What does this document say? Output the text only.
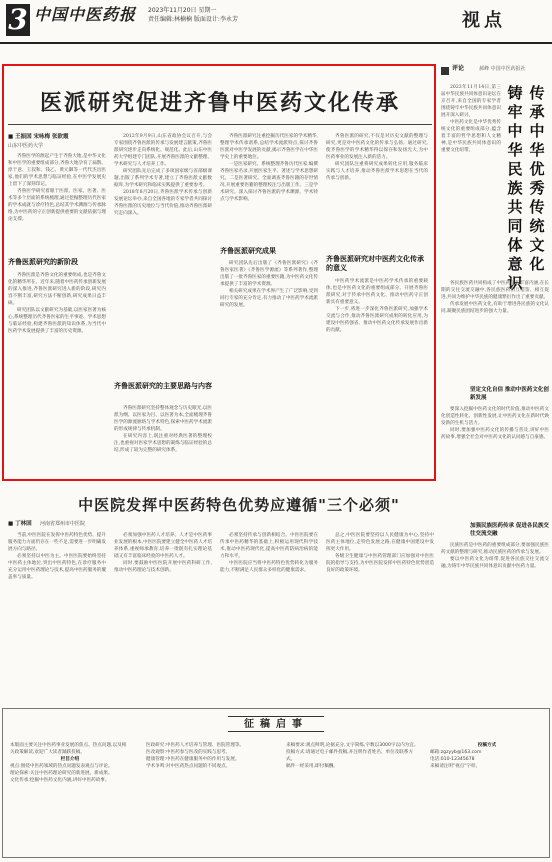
3 中国中医药报 2023年11月20日 星期一
责任编辑:林楠楠 版面设计:李永芳	视点
医派研究促进齐鲁中医药文化传承
■ 王振国 宋咏梅 张欧霞
山东中医药大学

齐鲁医学的源起产生于齐鲁大地,是中华文化和中医学的重要组成部分,齐鲁大地孕育了扁鹊、淳于意、王叔和、钱乙、黄元御等一代代杰出医家,他们的学术思想与临证经验,在中医学发展史上留下了深刻印记。

齐鲁医学研究着眼于医派、医家、医著、医术等多个层面的系统梳理,通过挖掘整理历代医家的学术成就与诊疗特色,总结其学术渊源与传承脉络,为中医药的守正创新提供重要的文献依据与理论支撑。

齐鲁医派研究的新阶段

齐鲁医派是齐鲁文化的重要组成,也是齐鲁文化的精华所在。近年来,随着中医药传承创新发展的深入推进,齐鲁医派研究进入新的阶段,研究内容不断丰富,研究方法不断创新,研究成果日益丰硕。

研究团队以文献研究为基础,以医家医著为核心,系统整理历代齐鲁医家的生平事迹、学术思想与临证经验,构建齐鲁医派的知识体系,为当代中医药学术发展提供了丰富的历史资源。

2012年9月9日,山东省政协会议召开,与会专家围绕齐鲁医派的传承与发展建言献策,齐鲁医派研究逐步走向系统化、规范化。此后,山东中医药大学组建专门团队,开展齐鲁医派的文献整理、学术研究与人才培养工作。

研究团队先后完成了多项国家级与省部级课题,出版了系列学术专著,建立了齐鲁医派文献数据库,为学术研究和临床实践提供了重要参考。

2018年8月20日,齐鲁医派学术传承与创新发展论坛举办,来自全国各地的专家学者共同探讨齐鲁医派的历史地位与当代价值,推动齐鲁医派研究走向深入。

齐鲁医派研究的主要思路与内容

齐鲁医派研究坚持整体观念与历史眼光,以医派为纲、以医家为目、以医著为本,全面梳理齐鲁医学的源流脉络与学术特色,探索中医药学术流派的形成规律与传承机制。

在研究内容上,既注重对经典医著的整理校注,也重视对医家学术思想的凝练与临证经验的总结,形成了较为完整的研究体系。

齐鲁医派研究注重挖掘历代医家的学术精华,整理学术传承谱系,总结学术流派特点,探讨齐鲁医派对中医学发展的贡献,揭示齐鲁医学在中华医学史上的重要地位。

一是医家研究。系统整理齐鲁历代医家,编撰齐鲁医家名录,开展医家生平、著述与学术思想研究。二是医著研究。全面调查齐鲁医籍的存世情况,开展重要医籍的整理校注与出版工作。三是学术研究。深入探讨齐鲁医派的学术渊源、学术特点与学术影响。

齐鲁医派研究成果

研究团队先后出版了《齐鲁医派研究》《齐鲁医家医著》《齐鲁医学源流》等系列著作,整理出版了一批齐鲁医家的重要医籍,为中医药文化传承提供了丰富的学术资源。

相关研究成果在学术界产生了广泛影响,受到同行专家的充分肯定,有力推动了中医药学术流派研究的发展。

齐鲁医派的研究,不仅是对历史文献的整理与研究,更是对中医药文化的传承与弘扬。通过研究,使齐鲁医学的学术精华得以保存和发扬光大,为中医药事业的发展注入新的活力。

研究团队注重将研究成果转化应用,服务临床实践与人才培养,推动齐鲁医派学术思想在当代的传承与创新。

齐鲁医派研究对中医药文化传承的意义

中医药学术流派是中医药学术传承的重要载体,也是中医药文化的重要组成部分。开展齐鲁医派研究,对于传承中医药文化、推动中医药守正创新具有重要意义。

下一步,将进一步深化齐鲁医派研究,加强学术交流与合作,推动齐鲁医派研究成果的转化应用,为建设中医药强省、推动中医药文化传承发展作出新的贡献。

评论	郝峰 中国中医药报社
传承中华优秀传统文化
铸牢中华民族共同体意识

2023年11月14日,第三届中华民族共同体意识论坛在京召开,来自全国的专家学者围绕铸牢中华民族共同体意识展开深入研讨。

中医药文化是中华优秀传统文化的重要组成部分,蕴含着丰富的哲学思想和人文精神,是中华民族共同体意识的重要文化纽带。

各民族医药共同构成了中医药学的丰富内涵,在长期的交往交流交融中,各民族医药相互借鉴、相互促进,共同为维护中华民族的健康繁衍作出了重要贡献。

传承发展中医药文化,有助于增进各民族的文化认同,凝聚民族团结进步的强大力量。

坚定文化自信 推动中医药文化创新发展

要深入挖掘中医药文化的时代价值,推动中医药文化创造性转化、创新性发展,让中医药文化在新时代焕发新的生机与活力。

同时,要加强中医药文化的传播与普及,讲好中医药故事,增强全社会对中医药文化的认同感与自豪感。

加强民族医药传承 促进各民族交往交流交融

民族医药是中医药的重要组成部分,要加强民族医药文献的整理与研究,推动民族医药的传承与发展。

要以中医药文化为纽带,促进各民族交往交流交融,为铸牢中华民族共同体意识贡献中医药力量。

中医院发挥中医药特色优势应遵循"三个必须"
■ 丁林国 河南省郑州市中医院

当前,中医医院在发挥中医药特色优势、提升服务能力方面仍存在一些不足,需要进一步明确发展方向与路径。

必须坚持以中医为主。中医医院要始终坚持中医药主体地位,突出中医药特色,在诊疗服务中充分运用中医药理论与技术,提高中医药服务的覆盖率与质量。

必须加强中医药人才培养。人才是中医药事业发展的根本,中医医院要建立健全中医药人才培养体系,重视师承教育,培养一批既有扎实理论基础又有丰富临床经验的中医药人才。

同时,要鼓励中医医院开展中医药科研工作,推动中医药理论与技术创新。

必须坚持传承与创新相结合。中医医院要在传承中医药精华的基础上,积极运用现代科学技术,推动中医药现代化,提高中医药防病治病的能力和水平。

中医医院应当将中医药特色优势转化为服务能力,不断满足人民群众多样化的健康需求。

总之,中医医院要坚持以人民健康为中心,坚持中医药主体地位,走特色发展之路,在健康中国建设中发挥更大作用。

各级卫生健康与中医药管理部门应加强对中医医院的指导与支持,为中医医院发挥中医药特色优势创造良好的政策环境。

征稿启事
本版面主要关注中医药事业发展的焦点、热点问题,以及相关政策解读,欢迎广大读者踊跃投稿。
栏目介绍
视点:围绕中医药领域的热点问题发表观点与评论。
理论探索:关注中医药理论研究的新进展、新成果。
文化传承:挖掘中医药文化内涵,讲好中医药故事。
医政研究:中医药人才培养与管理、医院管理等。
医改观察:中医药参与医改的实践与思考。
健康管理:中医药在健康服务中的作用与发展。
学术争鸣:对中医药热点问题的不同观点。
来稿要求:观点鲜明,论据充分,文字简练,字数以3000字以内为宜。
投稿方式:请通过电子邮件投稿,并注明作者姓名、单位及联系方式。
稿件一经采用,即付稿酬。
投稿方式
邮箱:zgzyyb@163.com
电话:010-12345678
来稿请注明"视点"字样。
